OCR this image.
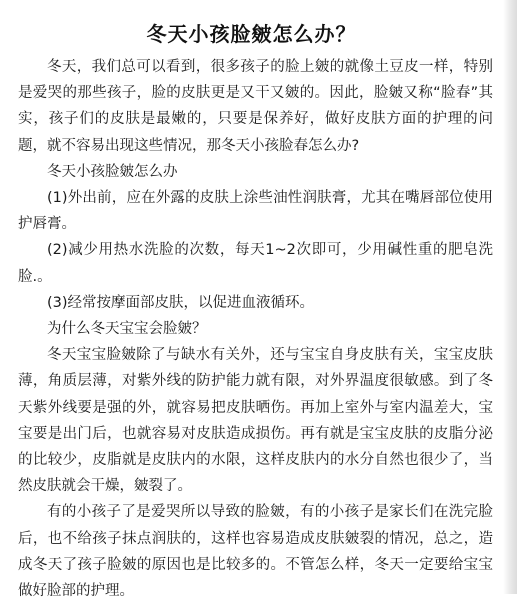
冬天小孩脸皴怎么办？

冬天，我们总可以看到，很多孩子的脸上皴的就像土豆皮一样，特别是爱哭的那些孩子，脸的皮肤更是又干又皴的。因此，脸皴又称“脸春”其实，孩子们的皮肤是最嫩的，只要是保养好，做好皮肤方面的护理的问题，就不容易出现这些情况，那冬天小孩脸春怎么办?

冬天小孩脸皴怎么办

(1)外出前，应在外露的皮肤上涂些油性润肤膏，尤其在嘴唇部位使用护唇膏。

(2)减少用热水洗脸的次数，每天1~2次即可，少用碱性重的肥皂洗脸.。

(3)经常按摩面部皮肤，以促进血液循环。

为什么冬天宝宝会脸皴？

冬天宝宝脸皴除了与缺水有关外，还与宝宝自身皮肤有关，宝宝皮肤薄，角质层薄，对紫外线的防护能力就有限，对外界温度很敏感。到了冬天紫外线要是强的外，就容易把皮肤晒伤。再加上室外与室内温差大，宝宝要是出门后，也就容易对皮肤造成损伤。再有就是宝宝皮肤的皮脂分泌的比较少，皮脂就是皮肤内的水限，这样皮肤内的水分自然也很少了，当然皮肤就会干燥，皴裂了。

有的小孩子了是爱哭所以导致的脸皴，有的小孩子是家长们在洗完脸后，也不给孩子抹点润肤的，这样也容易造成皮肤皴裂的情况，总之，造成冬天了孩子脸皴的原因也是比较多的。不管怎么样，冬天一定要给宝宝做好脸部的护理。
